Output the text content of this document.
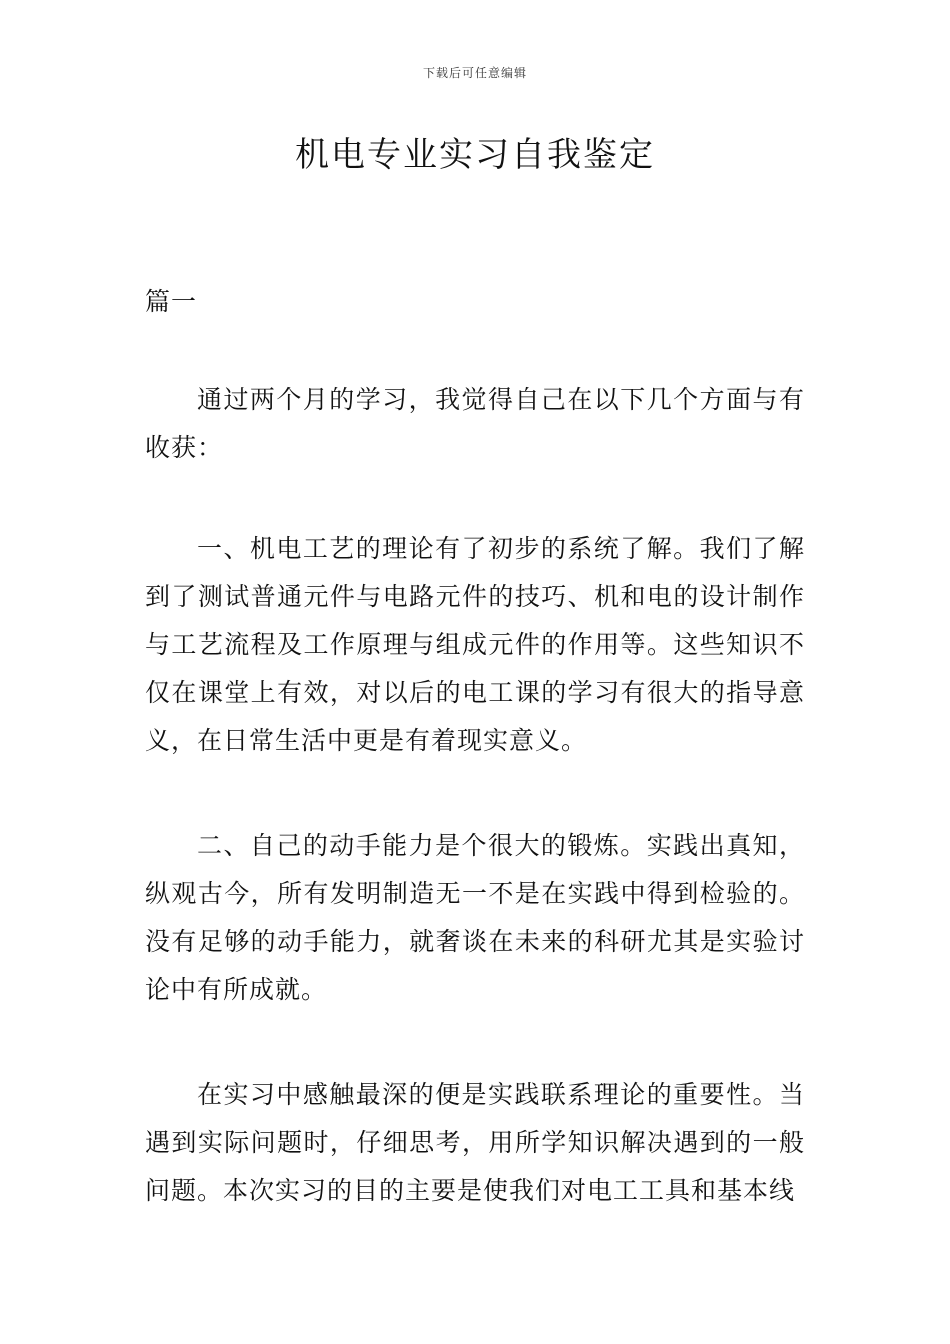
下载后可任意编辑
机电专业实习自我鉴定

篇一

通过两个月的学习，我觉得自己在以下几个方面与有收获：

一、机电工艺的理论有了初步的系统了解。我们了解到了测试普通元件与电路元件的技巧、机和电的设计制作与工艺流程及工作原理与组成元件的作用等。这些知识不仅在课堂上有效，对以后的电工课的学习有很大的指导意义，在日常生活中更是有着现实意义。

二、自己的动手能力是个很大的锻炼。实践出真知，纵观古今，所有发明制造无一不是在实践中得到检验的。没有足够的动手能力，就奢谈在未来的科研尤其是实验讨论中有所成就。

在实习中感触最深的便是实践联系理论的重要性。当遇到实际问题时，仔细思考，用所学知识解决遇到的一般问题。本次实习的目的主要是使我们对电工工具和基本线
